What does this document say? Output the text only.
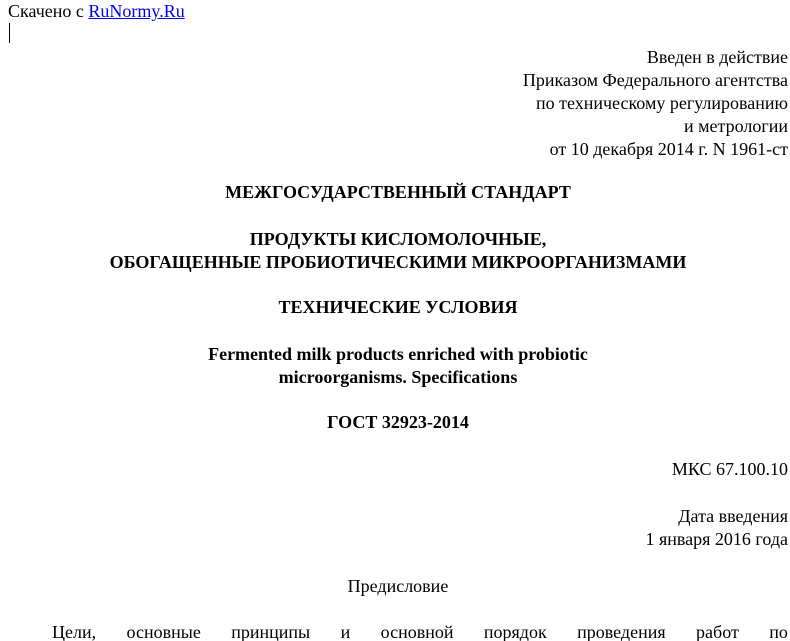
Скачено с RuNormy.Ru
Введен в действие
Приказом Федерального агентства
по техническому регулированию
и метрологии
от 10 декабря 2014 г. N 1961-ст
МЕЖГОСУДАРСТВЕННЫЙ СТАНДАРТ
ПРОДУКТЫ КИСЛОМОЛОЧНЫЕ,
ОБОГАЩЕННЫЕ ПРОБИОТИЧЕСКИМИ МИКРООРГАНИЗМАМИ
ТЕХНИЧЕСКИЕ УСЛОВИЯ
Fermented milk products enriched with probiotic
microorganisms. Specifications
ГОСТ 32923-2014
МКС 67.100.10
Дата введения
1 января 2016 года
Предисловие
Цели, основные принципы и основной порядок проведения работ по
